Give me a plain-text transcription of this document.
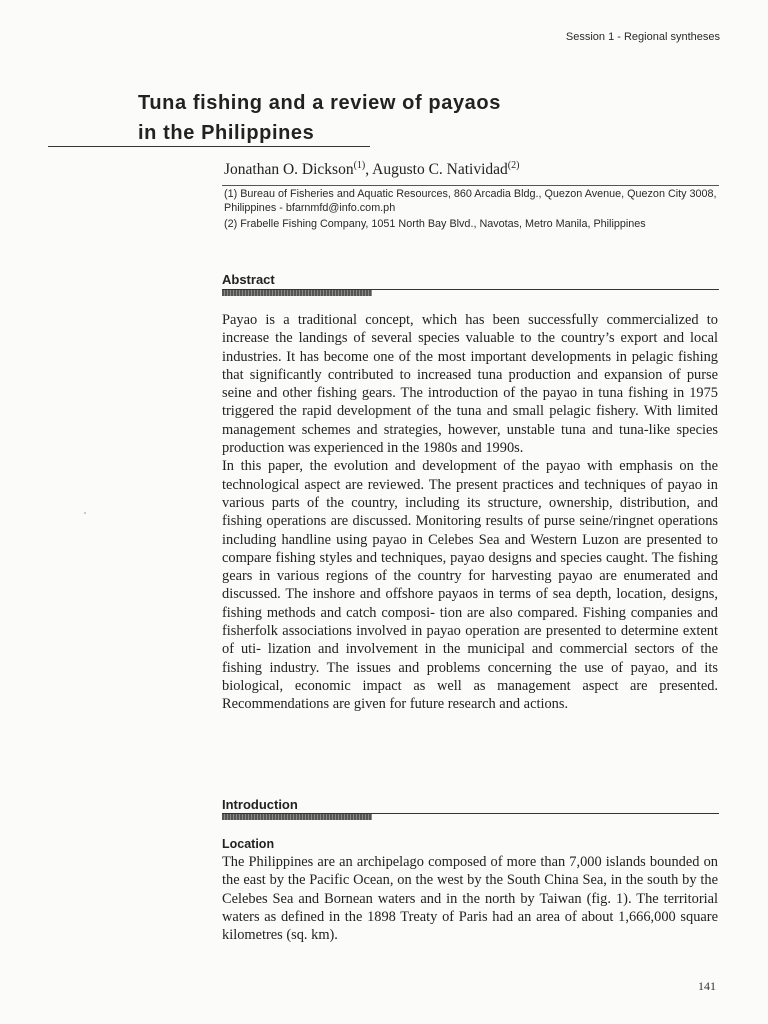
Session 1 - Regional syntheses
Tuna fishing and a review of payaos
in the Philippines
Jonathan O. Dickson$^{(1)}$, Augusto C. Natividad$^{(2)}$

(1) Bureau of Fisheries and Aquatic Resources, 860 Arcadia Bldg., Quezon Avenue, Quezon City 3008, Philippines - bfarnmfd@info.com.ph

(2) Frabelle Fishing Company, 1051 North Bay Blvd., Navotas, Metro Manila, Philippines

Abstract

Payao is a traditional concept, which has been successfully commercialized to increase the landings of several species valuable to the country’s export and local industries. It has become one of the most important developments in pelagic fishing that significantly contributed to increased tuna production and expansion of purse seine and other fishing gears. The introduction of the payao in tuna fishing in 1975 triggered the rapid development of the tuna and small pelagic fishery. With limited management schemes and strategies, however, unstable tuna and tuna-like species production was experienced in the 1980s and 1990s.

In this paper, the evolution and development of the payao with emphasis on the technological aspect are reviewed. The present practices and techniques of payao in various parts of the country, including its structure, ownership, distribution, and fishing operations are discussed. Monitoring results of purse seine/ringnet operations including handline using payao in Celebes Sea and Western Luzon are presented to compare fishing styles and techniques, payao designs and species caught. The fishing gears in various regions of the country for harvesting payao are enumerated and discussed. The inshore and offshore payaos in terms of sea depth, location, designs, fishing methods and catch composi- tion are also compared. Fishing companies and fisherfolk associations involved in payao operation are presented to determine extent of uti- lization and involvement in the municipal and commercial sectors of the fishing industry. The issues and problems concerning the use of payao, and its biological, economic impact as well as management aspect are presented. Recommendations are given for future research and actions.

Introduction
Location

The Philippines are an archipelago composed of more than 7,000 islands bounded on the east by the Pacific Ocean, on the west by the South China Sea, in the south by the Celebes Sea and Bornean waters and in the north by Taiwan (fig. 1). The territorial waters as defined in the 1898 Treaty of Paris had an area of about 1,666,000 square kilometres (sq. km).

141
